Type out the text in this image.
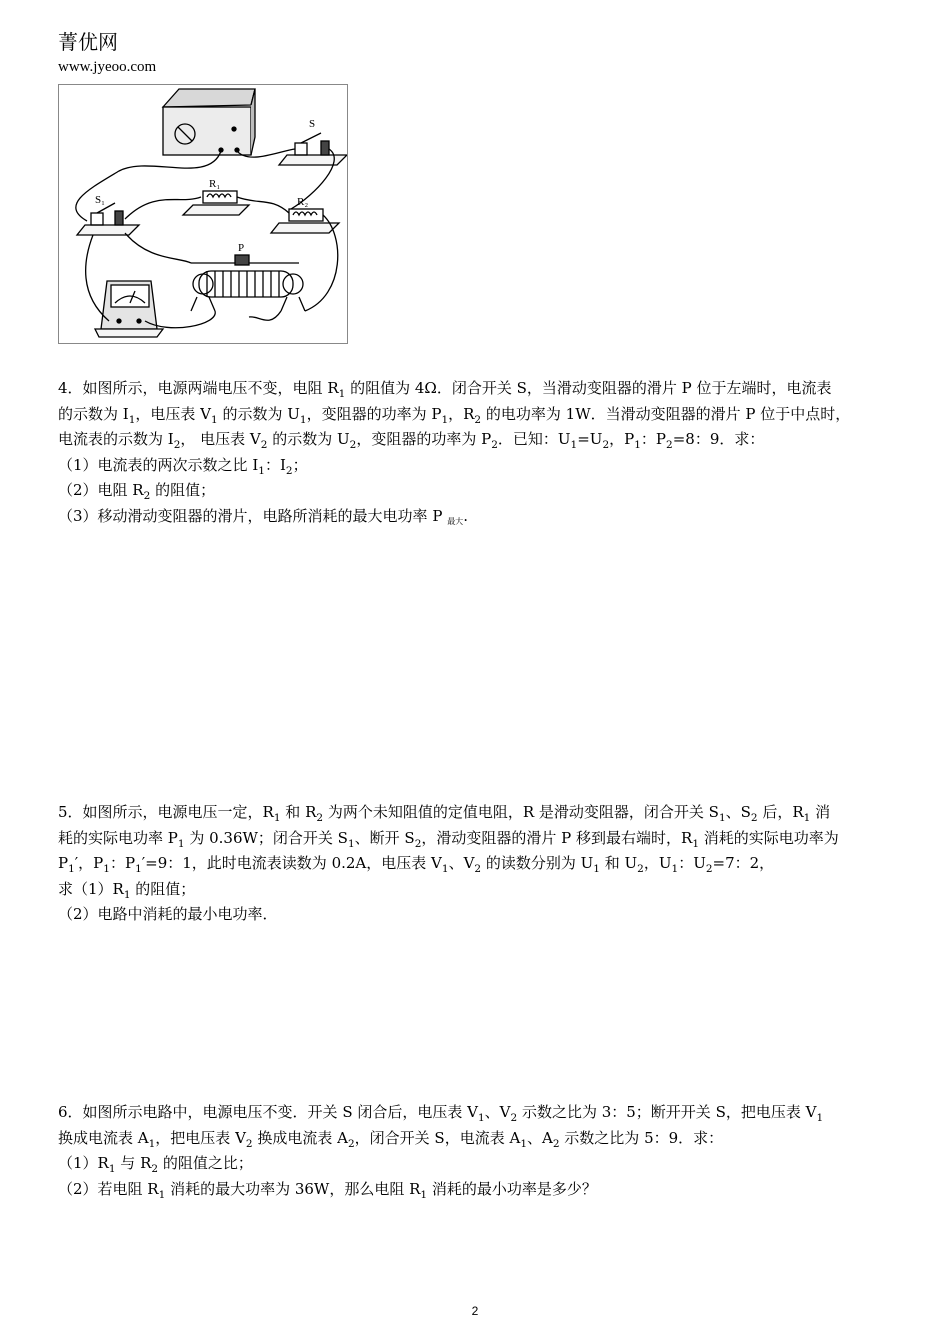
菁优网
www.jyeoo.com
S
S₁
R₁
R₂
P

4．如图所示，电源两端电压不变，电阻 $R_1$ 的阻值为 4Ω．闭合开关 S，当滑动变阻器的滑片 P 位于左端时，电流表

的示数为 $I_1$，电压表 $V_1$ 的示数为 $U_1$，变阻器的功率为 $P_1$，$R_2$ 的电功率为 1W．当滑动变阻器的滑片 P 位于中点时，

电流表的示数为 $I_2$， 电压表 $V_2$ 的示数为 $U_2$，变阻器的功率为 $P_2$．已知：$U_1=U_2$，$P_1$：$P_2=8$：9．求：

（1）电流表的两次示数之比 $I_1$：$I_2$；

（2）电阻 $R_2$ 的阻值；

（3）移动滑动变阻器的滑片，电路所消耗的最大电功率 P $_{最大}$.

5．如图所示，电源电压一定，$R_1$ 和 $R_2$ 为两个未知阻值的定值电阻，R 是滑动变阻器，闭合开关 $S_1$、$S_2$ 后，$R_1$ 消

耗的实际电功率 $P_1$ 为 0.36W；闭合开关 $S_1$、断开 $S_2$，滑动变阻器的滑片 P 移到最右端时，$R_1$ 消耗的实际电功率为

$P_1'$，$P_1$：$P_1'=9$：1，此时电流表读数为 0.2A，电压表 $V_1$、$V_2$ 的读数分别为 $U_1$ 和 $U_2$，$U_1$：$U_2=7$：2，

求$(1)R_1$ 的阻值；

（2）电路中消耗的最小电功率．

6．如图所示电路中，电源电压不变．开关 S 闭合后，电压表 $V_1$、$V_2$ 示数之比为 3：5；断开开关 S，把电压表 $V_1$

换成电流表 $A_1$，把电压表 $V_2$ 换成电流表 $A_2$，闭合开关 S，电流表 $A_1$、$A_2$ 示数之比为 5：9．求：

$(1)R_1$ 与 $R_2$ 的阻值之比；

（2）若电阻 $R_1$ 消耗的最大功率为 36W，那么电阻 $R_1$ 消耗的最小功率是多少？

2
